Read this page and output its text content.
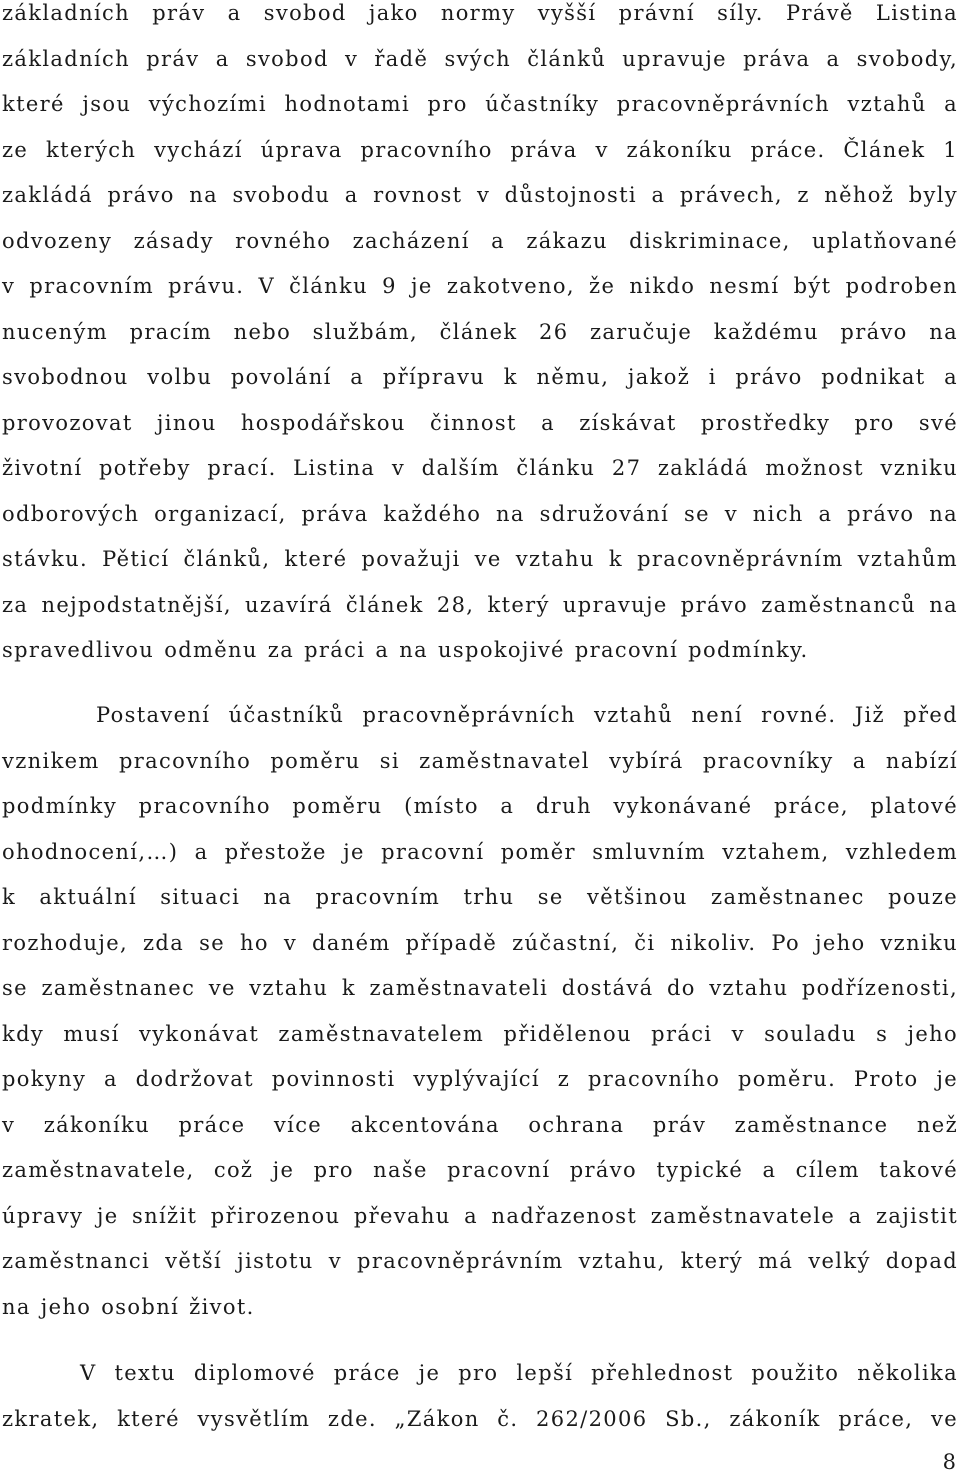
základních práv a svobod jako normy vyšší právní síly. Právě Listina

základních práv a svobod v řadě svých článků upravuje práva a svobody,

které jsou výchozími hodnotami pro účastníky pracovněprávních vztahů a

ze kterých vychází úprava pracovního práva v zákoníku práce. Článek 1

zakládá právo na svobodu a rovnost v důstojnosti a právech, z něhož byly

odvozeny zásady rovného zacházení a zákazu diskriminace, uplatňované

v pracovním právu. V článku 9 je zakotveno, že nikdo nesmí být podroben

nuceným pracím nebo službám, článek 26 zaručuje každému právo na

svobodnou volbu povolání a přípravu k němu, jakož i právo podnikat a

provozovat jinou hospodářskou činnost a získávat prostředky pro své

životní potřeby prací. Listina v dalším článku 27 zakládá možnost vzniku

odborových organizací, práva každého na sdružování se v nich a právo na

stávku. Pěticí článků, které považuji ve vztahu k pracovněprávním vztahům

za nejpodstatnější, uzavírá článek 28, který upravuje právo zaměstnanců na

spravedlivou odměnu za práci a na uspokojivé pracovní podmínky.

Postavení účastníků pracovněprávních vztahů není rovné. Již před

vznikem pracovního poměru si zaměstnavatel vybírá pracovníky a nabízí

podmínky pracovního poměru (místo a druh vykonávané práce, platové

ohodnocení,…) a přestože je pracovní poměr smluvním vztahem, vzhledem

k aktuální situaci na pracovním trhu se většinou zaměstnanec pouze

rozhoduje, zda se ho v daném případě zúčastní, či nikoliv. Po jeho vzniku

se zaměstnanec ve vztahu k zaměstnavateli dostává do vztahu podřízenosti,

kdy musí vykonávat zaměstnavatelem přidělenou práci v souladu s jeho

pokyny a dodržovat povinnosti vyplývající z pracovního poměru. Proto je

v zákoníku práce více akcentována ochrana práv zaměstnance než

zaměstnavatele, což je pro naše pracovní právo typické a cílem takové

úpravy je snížit přirozenou převahu a nadřazenost zaměstnavatele a zajistit

zaměstnanci větší jistotu v pracovněprávním vztahu, který má velký dopad

na jeho osobní život.

V textu diplomové práce je pro lepší přehlednost použito několika

zkratek, které vysvětlím zde. „Zákon č. 262/2006 Sb., zákoník práce, ve

8
